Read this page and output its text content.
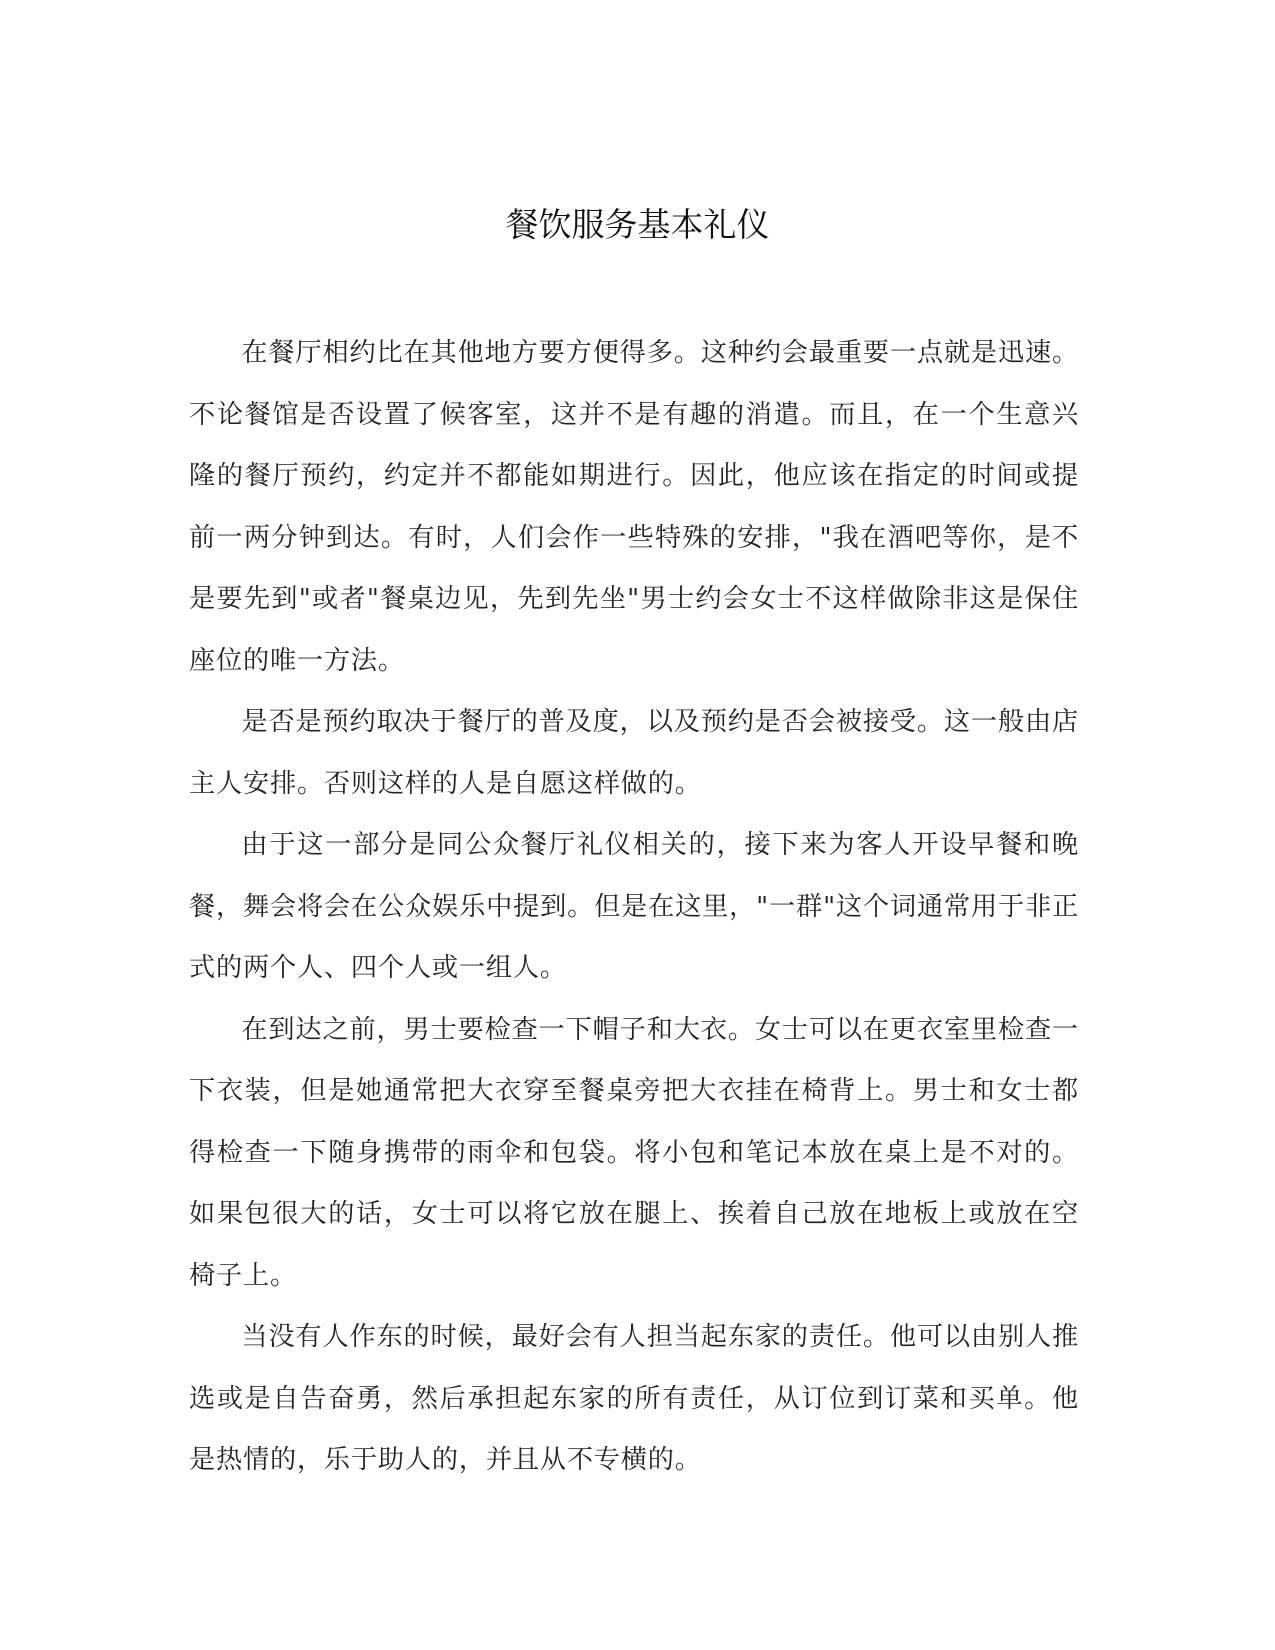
餐饮服务基本礼仪

在餐厅相约比在其他地方要方便得多。这种约会最重要一点就是迅速。不论餐馆是否设置了候客室，这并不是有趣的消遣。而且，在一个生意兴隆的餐厅预约，约定并不都能如期进行。因此，他应该在指定的时间或提前一两分钟到达。有时，人们会作一些特殊的安排，"我在酒吧等你，是不是要先到"或者"餐桌边见，先到先坐"男士约会女士不这样做除非这是保住座位的唯一方法。

是否是预约取决于餐厅的普及度，以及预约是否会被接受。这一般由店主人安排。否则这样的人是自愿这样做的。

由于这一部分是同公众餐厅礼仪相关的，接下来为客人开设早餐和晚餐，舞会将会在公众娱乐中提到。但是在这里，"一群"这个词通常用于非正式的两个人、四个人或一组人。

在到达之前，男士要检查一下帽子和大衣。女士可以在更衣室里检查一下衣装，但是她通常把大衣穿至餐桌旁把大衣挂在椅背上。男士和女士都得检查一下随身携带的雨伞和包袋。将小包和笔记本放在桌上是不对的。如果包很大的话，女士可以将它放在腿上、挨着自己放在地板上或放在空椅子上。

当没有人作东的时候，最好会有人担当起东家的责任。他可以由别人推选或是自告奋勇，然后承担起东家的所有责任，从订位到订菜和买单。他是热情的，乐于助人的，并且从不专横的。
